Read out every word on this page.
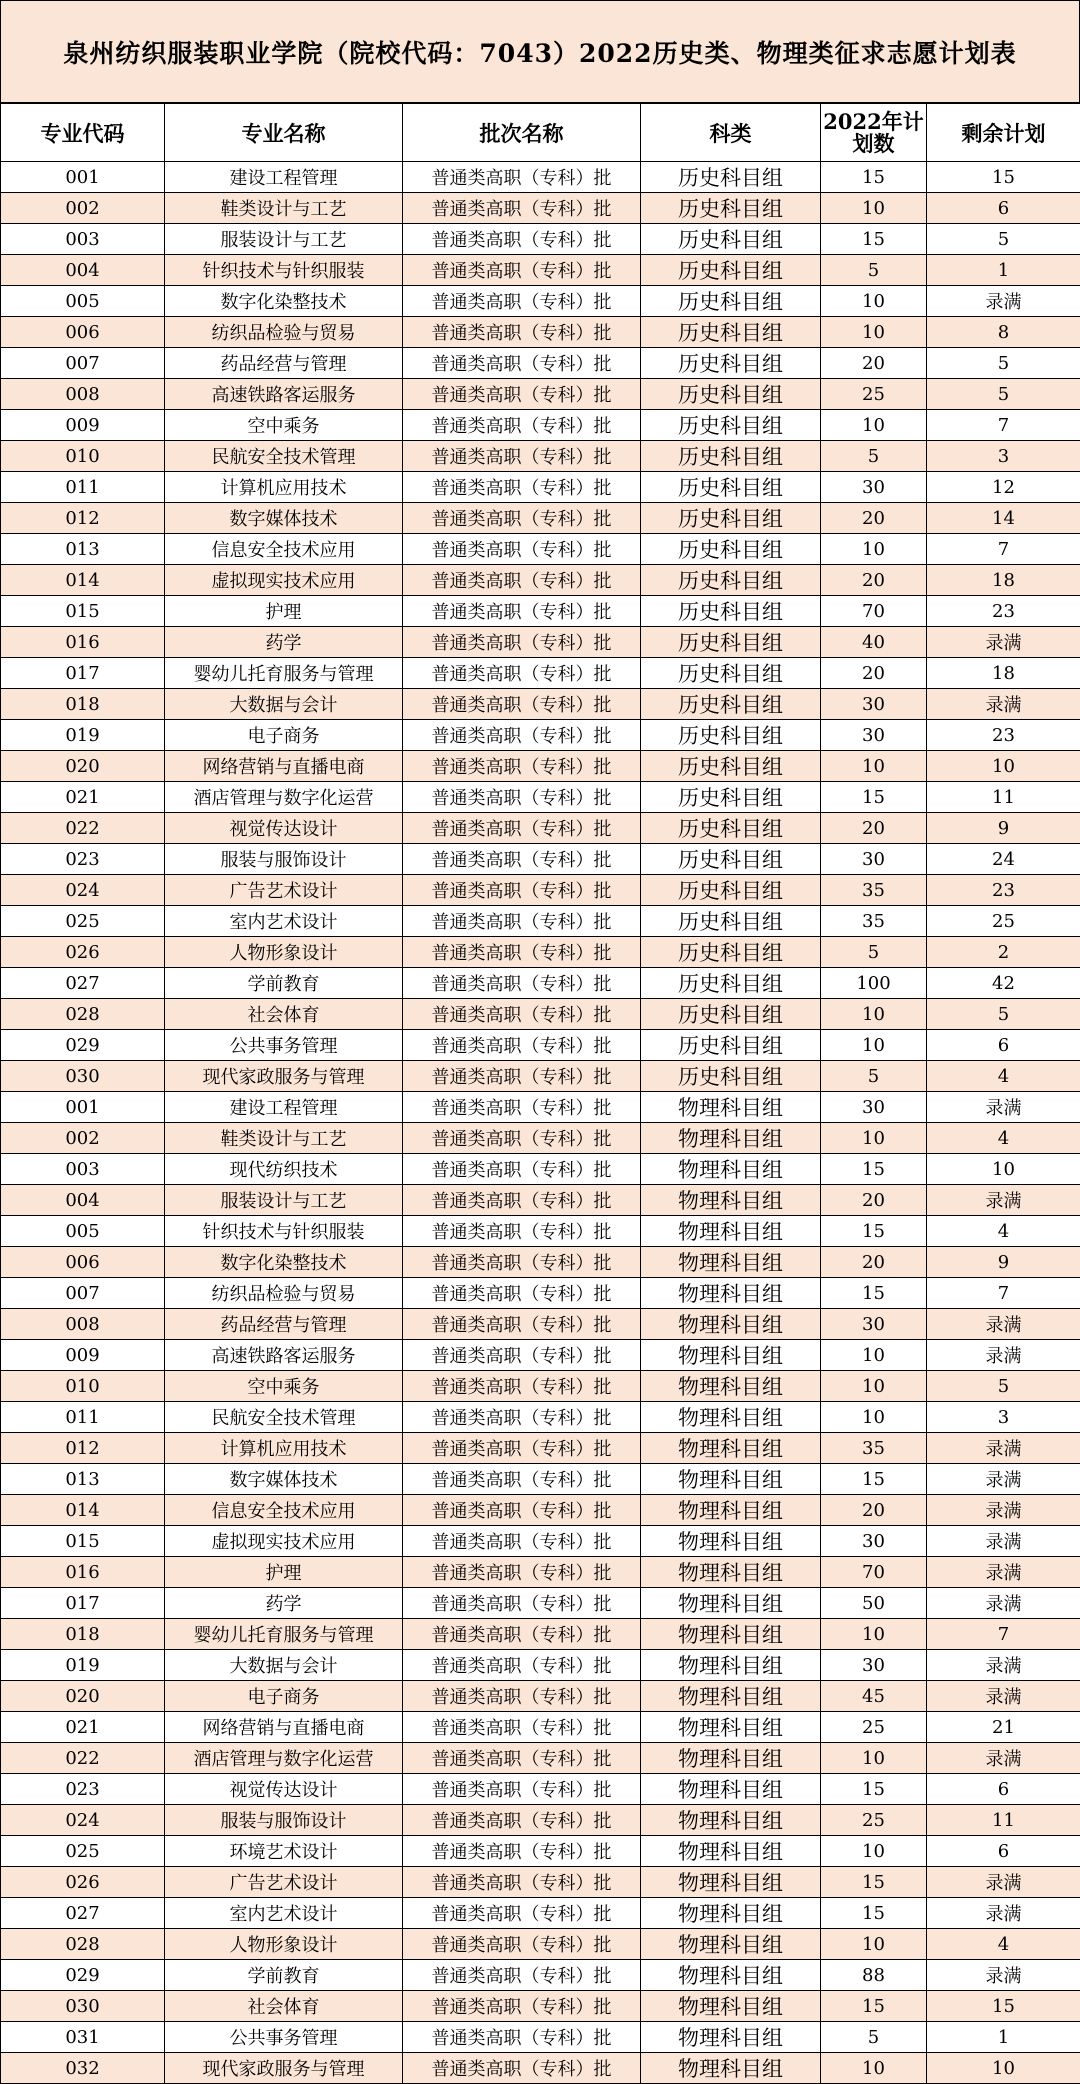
泉州纺织服装职业学院（院校代码：7043）2022历史类、物理类征求志愿计划表
专业代码	专业名称	批次名称	科类	2022年计划数	剩余计划
001	建设工程管理	普通类高职（专科）批	历史科目组	15	15
002	鞋类设计与工艺	普通类高职（专科）批	历史科目组	10	6
003	服装设计与工艺	普通类高职（专科）批	历史科目组	15	5
004	针织技术与针织服装	普通类高职（专科）批	历史科目组	5	1
005	数字化染整技术	普通类高职（专科）批	历史科目组	10	录满
006	纺织品检验与贸易	普通类高职（专科）批	历史科目组	10	8
007	药品经营与管理	普通类高职（专科）批	历史科目组	20	5
008	高速铁路客运服务	普通类高职（专科）批	历史科目组	25	5
009	空中乘务	普通类高职（专科）批	历史科目组	10	7
010	民航安全技术管理	普通类高职（专科）批	历史科目组	5	3
011	计算机应用技术	普通类高职（专科）批	历史科目组	30	12
012	数字媒体技术	普通类高职（专科）批	历史科目组	20	14
013	信息安全技术应用	普通类高职（专科）批	历史科目组	10	7
014	虚拟现实技术应用	普通类高职（专科）批	历史科目组	20	18
015	护理	普通类高职（专科）批	历史科目组	70	23
016	药学	普通类高职（专科）批	历史科目组	40	录满
017	婴幼儿托育服务与管理	普通类高职（专科）批	历史科目组	20	18
018	大数据与会计	普通类高职（专科）批	历史科目组	30	录满
019	电子商务	普通类高职（专科）批	历史科目组	30	23
020	网络营销与直播电商	普通类高职（专科）批	历史科目组	10	10
021	酒店管理与数字化运营	普通类高职（专科）批	历史科目组	15	11
022	视觉传达设计	普通类高职（专科）批	历史科目组	20	9
023	服装与服饰设计	普通类高职（专科）批	历史科目组	30	24
024	广告艺术设计	普通类高职（专科）批	历史科目组	35	23
025	室内艺术设计	普通类高职（专科）批	历史科目组	35	25
026	人物形象设计	普通类高职（专科）批	历史科目组	5	2
027	学前教育	普通类高职（专科）批	历史科目组	100	42
028	社会体育	普通类高职（专科）批	历史科目组	10	5
029	公共事务管理	普通类高职（专科）批	历史科目组	10	6
030	现代家政服务与管理	普通类高职（专科）批	历史科目组	5	4
001	建设工程管理	普通类高职（专科）批	物理科目组	30	录满
002	鞋类设计与工艺	普通类高职（专科）批	物理科目组	10	4
003	现代纺织技术	普通类高职（专科）批	物理科目组	15	10
004	服装设计与工艺	普通类高职（专科）批	物理科目组	20	录满
005	针织技术与针织服装	普通类高职（专科）批	物理科目组	15	4
006	数字化染整技术	普通类高职（专科）批	物理科目组	20	9
007	纺织品检验与贸易	普通类高职（专科）批	物理科目组	15	7
008	药品经营与管理	普通类高职（专科）批	物理科目组	30	录满
009	高速铁路客运服务	普通类高职（专科）批	物理科目组	10	录满
010	空中乘务	普通类高职（专科）批	物理科目组	10	5
011	民航安全技术管理	普通类高职（专科）批	物理科目组	10	3
012	计算机应用技术	普通类高职（专科）批	物理科目组	35	录满
013	数字媒体技术	普通类高职（专科）批	物理科目组	15	录满
014	信息安全技术应用	普通类高职（专科）批	物理科目组	20	录满
015	虚拟现实技术应用	普通类高职（专科）批	物理科目组	30	录满
016	护理	普通类高职（专科）批	物理科目组	70	录满
017	药学	普通类高职（专科）批	物理科目组	50	录满
018	婴幼儿托育服务与管理	普通类高职（专科）批	物理科目组	10	7
019	大数据与会计	普通类高职（专科）批	物理科目组	30	录满
020	电子商务	普通类高职（专科）批	物理科目组	45	录满
021	网络营销与直播电商	普通类高职（专科）批	物理科目组	25	21
022	酒店管理与数字化运营	普通类高职（专科）批	物理科目组	10	录满
023	视觉传达设计	普通类高职（专科）批	物理科目组	15	6
024	服装与服饰设计	普通类高职（专科）批	物理科目组	25	11
025	环境艺术设计	普通类高职（专科）批	物理科目组	10	6
026	广告艺术设计	普通类高职（专科）批	物理科目组	15	录满
027	室内艺术设计	普通类高职（专科）批	物理科目组	15	录满
028	人物形象设计	普通类高职（专科）批	物理科目组	10	4
029	学前教育	普通类高职（专科）批	物理科目组	88	录满
030	社会体育	普通类高职（专科）批	物理科目组	15	15
031	公共事务管理	普通类高职（专科）批	物理科目组	5	1
032	现代家政服务与管理	普通类高职（专科）批	物理科目组	10	10
